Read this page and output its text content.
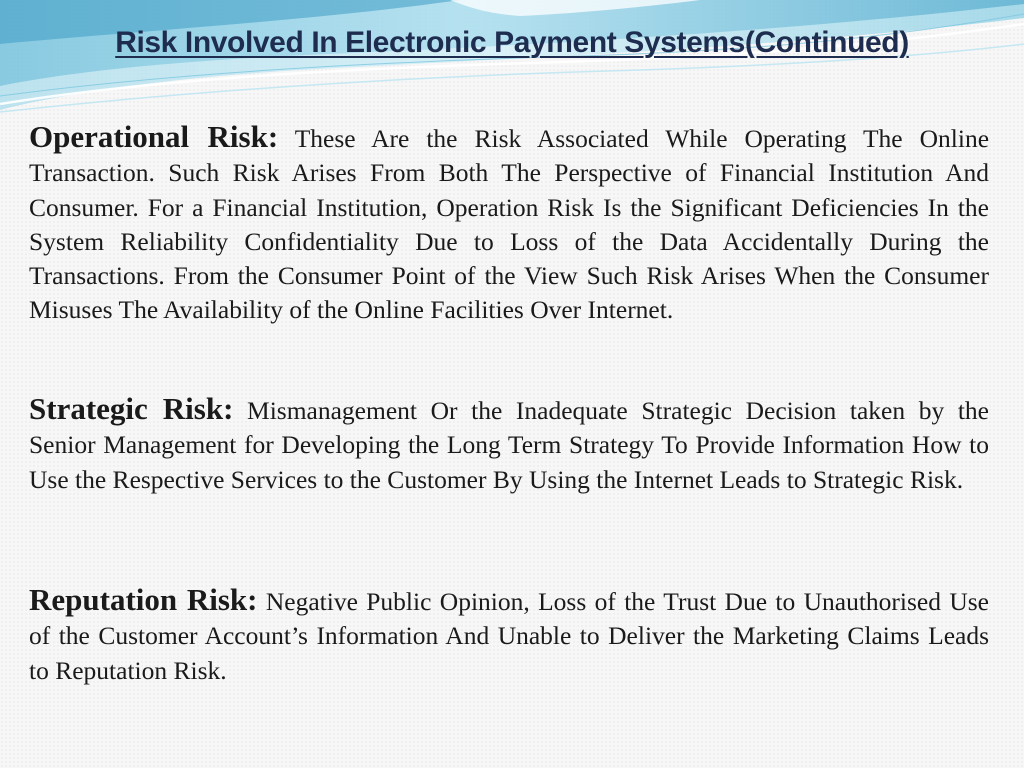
Risk Involved In Electronic Payment Systems(Continued)

Operational Risk: These Are the Risk Associated While Operating The Online Transaction. Such Risk Arises From Both The Perspective of Financial Institution And Consumer. For a Financial Institution, Operation Risk Is the Significant Deficiencies In the System Reliability Confidentiality Due to Loss of the Data Accidentally During the Transactions. From the Consumer Point of the View Such Risk Arises When the Consumer Misuses The Availability of the Online Facilities Over Internet.

Strategic Risk: Mismanagement Or the Inadequate Strategic Decision taken by the Senior Management for Developing the Long Term Strategy To Provide Information How to Use the Respective Services to the Customer By Using the Internet Leads to Strategic Risk.

Reputation Risk: Negative Public Opinion, Loss of the Trust Due to Unauthorised Use of the Customer Account’s Information And Unable to Deliver the Marketing Claims Leads to Reputation Risk.
